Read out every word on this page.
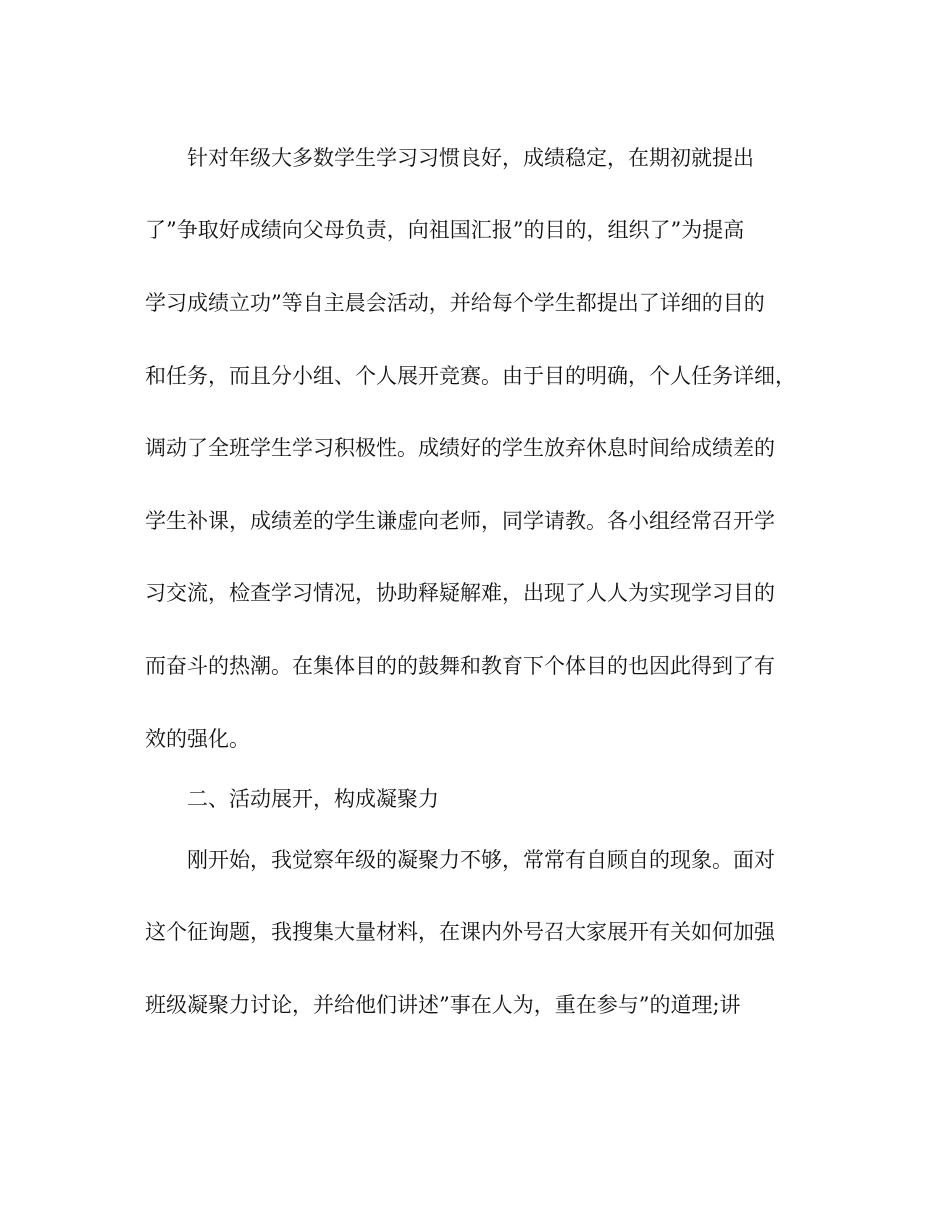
针对年级大多数学生学习习惯良好，成绩稳定，在期初就提出
了”争取好成绩向父母负责，向祖国汇报”的目的，组织了”为提高
学习成绩立功”等自主晨会活动，并给每个学生都提出了详细的目的
和任务，而且分小组、个人展开竞赛。由于目的明确，个人任务详细，
调动了全班学生学习积极性。成绩好的学生放弃休息时间给成绩差的
学生补课，成绩差的学生谦虚向老师，同学请教。各小组经常召开学
习交流，检查学习情况，协助释疑解难，出现了人人为实现学习目的
而奋斗的热潮。在集体目的的鼓舞和教育下个体目的也因此得到了有
效的强化。
二、活动展开，构成凝聚力
刚开始，我觉察年级的凝聚力不够，常常有自顾自的现象。面对
这个征询题，我搜集大量材料，在课内外号召大家展开有关如何加强
班级凝聚力讨论，并给他们讲述”事在人为，重在参与”的道理;讲
